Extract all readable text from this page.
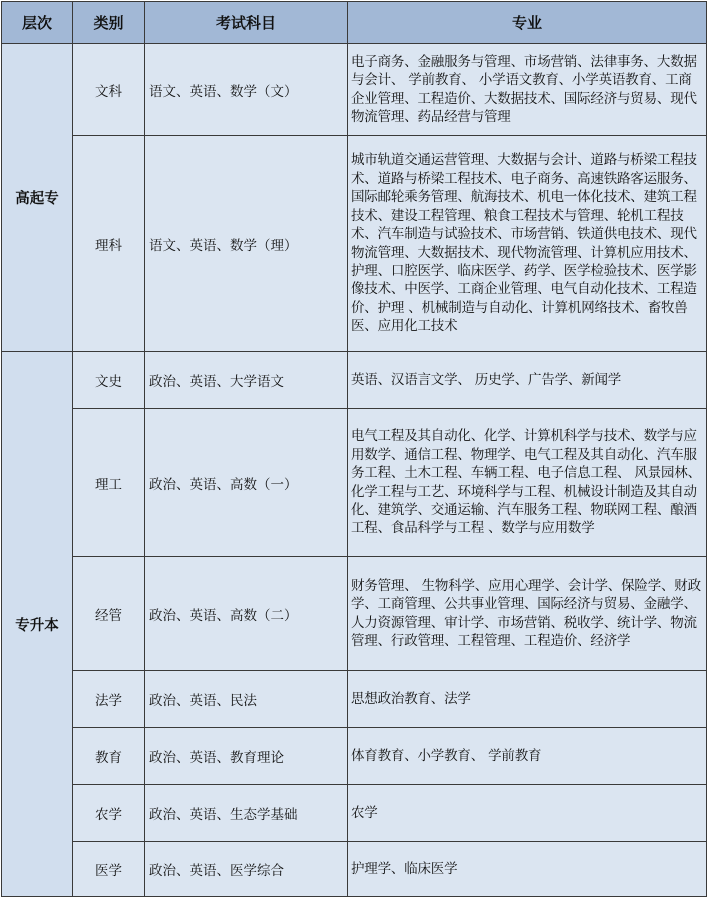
层次	类别	考试科目	专业
高起专	文科	语文、英语、数学（文）	电子商务、金融服务与管理、市场营销、法律事务、大数据与会计、 学前教育、 小学语文教育、小学英语教育、工商企业管理、工程造价、大数据技术、国际经济与贸易、现代物流管理、药品经营与管理
	理科	语文、英语、数学（理）	城市轨道交通运营管理、大数据与会计、道路与桥梁工程技术、道路与桥梁工程技术、电子商务、高速铁路客运服务、国际邮轮乘务管理、航海技术、机电一体化技术、建筑工程技术、建设工程管理、粮食工程技术与管理、轮机工程技术、汽车制造与试验技术、市场营销、铁道供电技术、现代物流管理、大数据技术、现代物流管理、计算机应用技术、护理、口腔医学、临床医学、药学、医学检验技术、医学影像技术、中医学、工商企业管理、电气自动化技术、工程造价、护理 、机械制造与自动化、计算机网络技术、畜牧兽医、应用化工技术
专升本	文史	政治、英语、大学语文	英语、汉语言文学、 历史学、广告学、新闻学
	理工	政治、英语、高数（一）	电气工程及其自动化、化学、计算机科学与技术、数学与应用数学、通信工程、物理学、电气工程及其自动化、汽车服务工程、土木工程、车辆工程、电子信息工程、 风景园林、化学工程与工艺、环境科学与工程、机械设计制造及其自动化、建筑学、交通运输、汽车服务工程、物联网工程、酿酒工程、食品科学与工程 、数学与应用数学
	经管	政治、英语、高数（二）	财务管理、 生物科学、应用心理学、会计学、保险学、财政学、工商管理、公共事业管理、国际经济与贸易、金融学、人力资源管理、审计学、市场营销、税收学、统计学、物流管理、行政管理、工程管理、工程造价、经济学
	法学	政治、英语、民法	思想政治教育、法学
	教育	政治、英语、教育理论	体育教育、小学教育、 学前教育
	农学	政治、英语、生态学基础	农学
	医学	政治、英语、医学综合	护理学、临床医学
